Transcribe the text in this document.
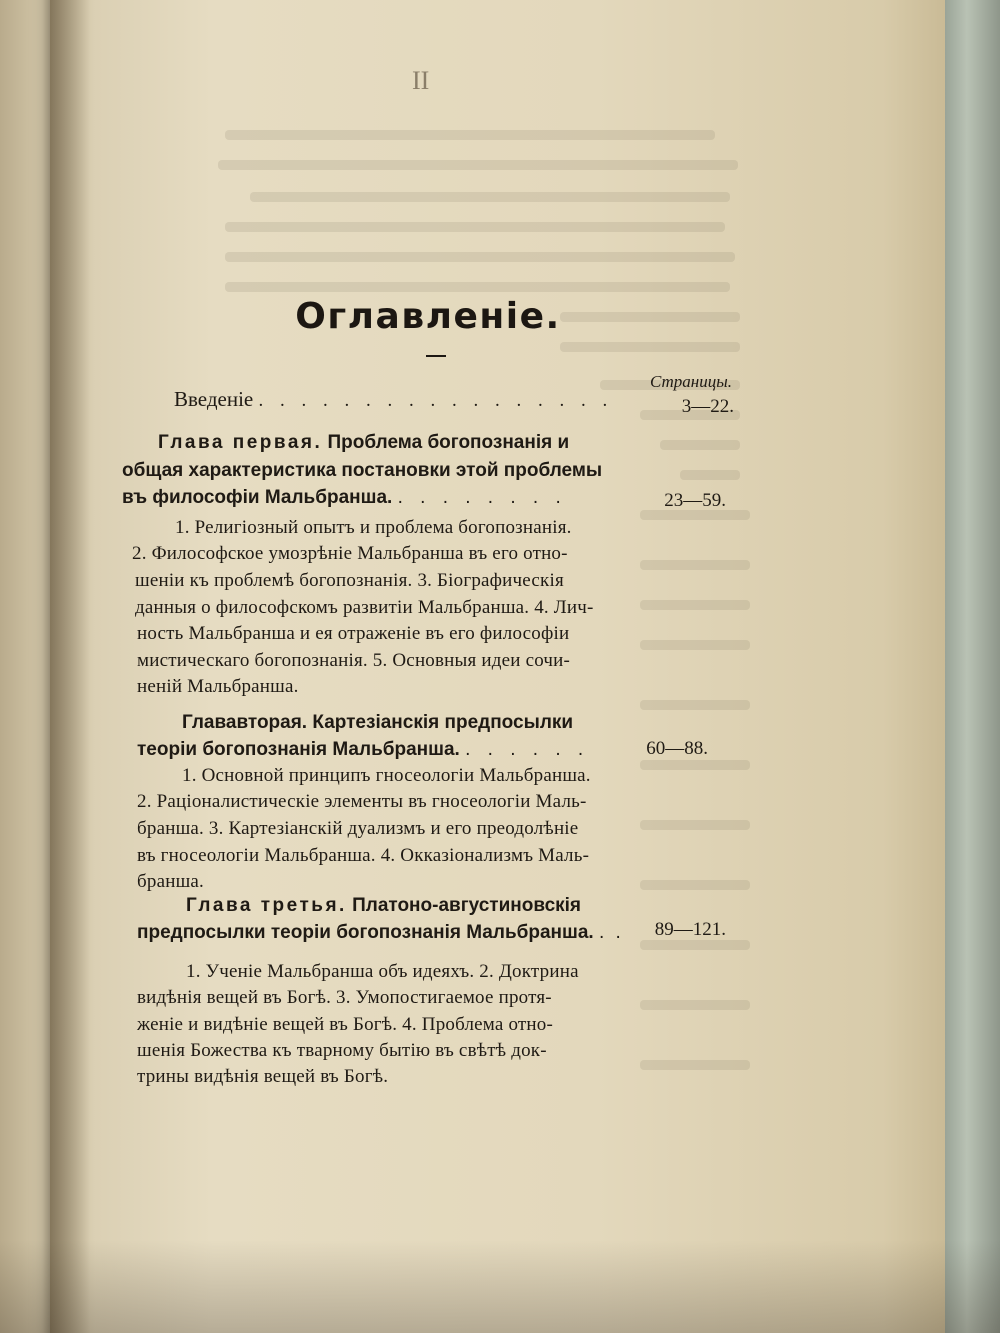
II
Оглавленіе.
Страницы.
Введеніе . . . . . . . . . . . . . . . . .	3—22.
Глава первая. Проблема богопознанія и
общая характеристика постановки этой проблемы
въ философіи Мальбранша. . . . . . . . .	23—59.
1. Религіозный опытъ и проблема богопознанія.
2. Философское умозрѣніе Мальбранша въ его отно-
шеніи къ проблемѣ богопознанія. 3. Біографическія
данныя о философскомъ развитіи Мальбранша. 4. Лич-
ность Мальбранша и ея отраженіе въ его философіи
мистическаго богопознанія. 5. Основныя идеи сочи-
неній Мальбранша.
Глававторая. Картезіанскія предпосылки
теоріи богопознанія Мальбранша. . . . . . .	60—88.
1. Основной принципъ гносеологіи Мальбранша.
2. Раціоналистическіе элементы въ гносеологіи Маль-
бранша. 3. Картезіанскій дуализмъ и его преодолѣніе
въ гносеологіи Мальбранша. 4. Окказіонализмъ Маль-
бранша.
Глава третья. Платоно-августиновскія
предпосылки теоріи богопознанія Мальбранша. . .	89—121.
1. Ученіе Мальбранша объ идеяхъ. 2. Доктрина
видѣнія вещей въ Богѣ. 3. Умопостигаемое протя-
женіе и видѣніе вещей въ Богѣ. 4. Проблема отно-
шенія Божества къ тварному бытію въ свѣтѣ док-
трины видѣнія вещей въ Богѣ.
